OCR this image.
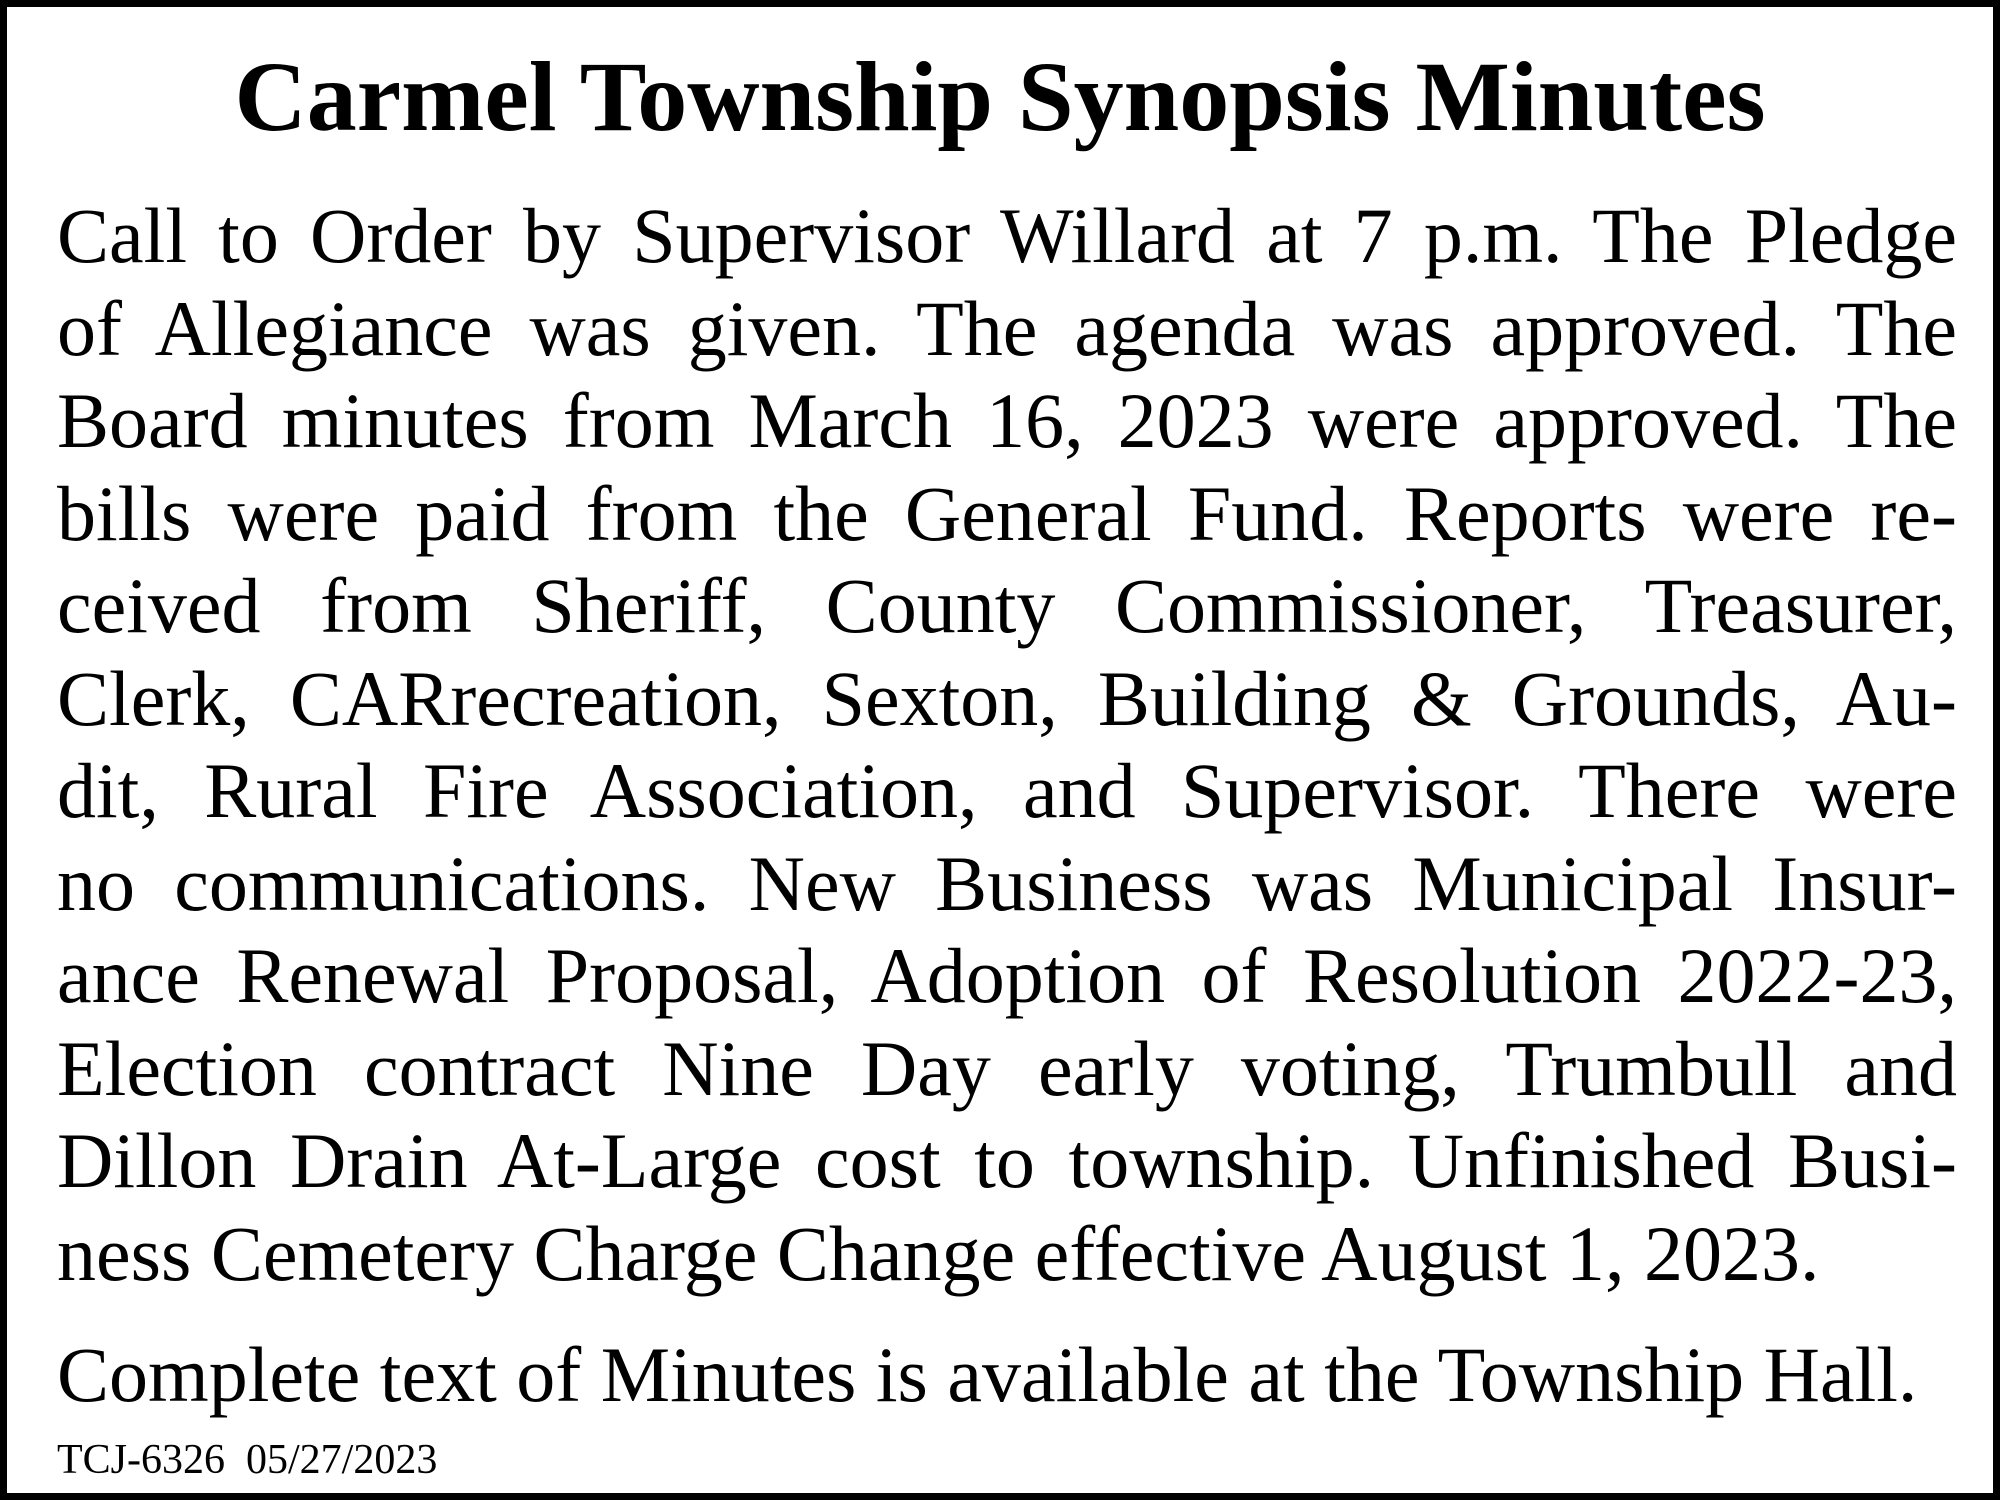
Carmel Township Synopsis Minutes
Call to Order by Supervisor Willard at 7 p.m. The Pledge
of Allegiance was given. The agenda was approved. The
Board minutes from March 16, 2023 were approved. The
bills were paid from the General Fund. Reports were re-
ceived from Sheriff, County Commissioner, Treasurer,
Clerk, CARrecreation, Sexton, Building & Grounds, Au-
dit, Rural Fire Association, and Supervisor. There were
no communications. New Business was Municipal Insur-
ance Renewal Proposal, Adoption of Resolution 2022-23,
Election contract Nine Day early voting, Trumbull and
Dillon Drain At-Large cost to township. Unfinished Busi-
ness Cemetery Charge Change effective August 1, 2023.

Complete text of Minutes is available at the Township Hall.

TCJ-6326  05/27/2023
